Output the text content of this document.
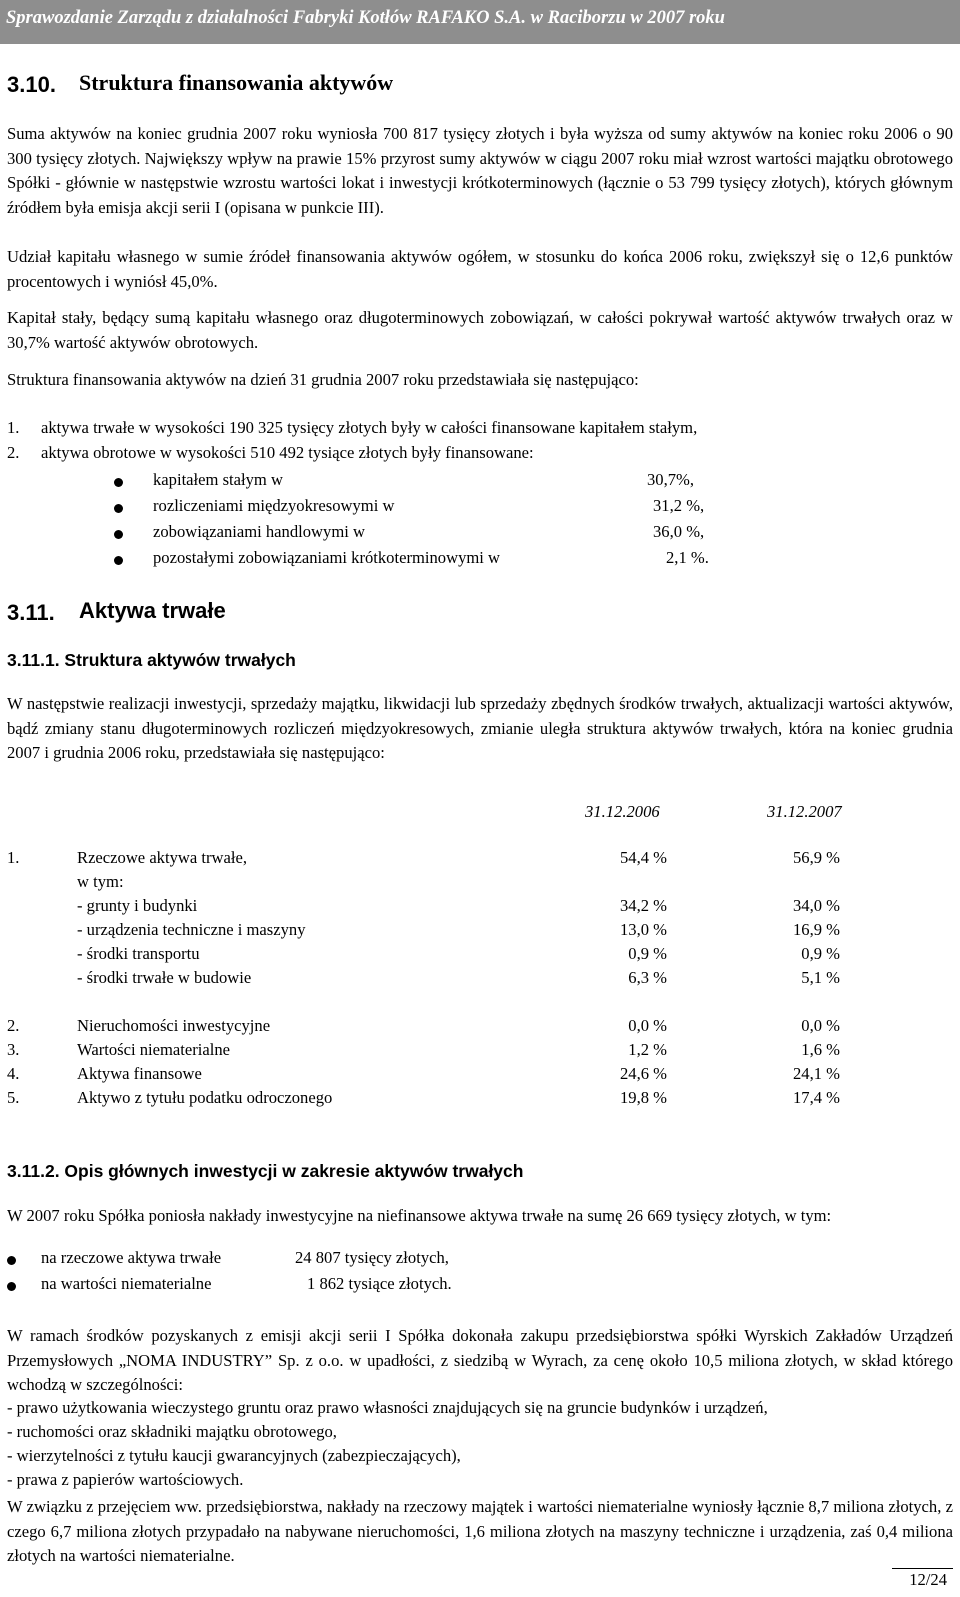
Sprawozdanie Zarządu z działalności Fabryki Kotłów RAFAKO S.A. w Raciborzu w 2007 roku
3.10. Struktura finansowania aktywów

Suma aktywów na koniec grudnia 2007 roku wyniosła 700 817 tysięcy złotych i była wyższa od sumy aktywów na koniec roku 2006 o 90 300 tysięcy złotych. Największy wpływ na prawie 15% przyrost sumy aktywów w ciągu 2007 roku miał wzrost wartości majątku obrotowego Spółki - głównie w następstwie wzrostu wartości lokat i inwestycji krótkoterminowych (łącznie o 53 799 tysięcy złotych), których głównym źródłem była emisja akcji serii I (opisana w punkcie III).

Udział kapitału własnego w sumie źródeł finansowania aktywów ogółem, w stosunku do końca 2006 roku, zwiększył się o 12,6 punktów procentowych i wyniósł 45,0%.

Kapitał stały, będący sumą kapitału własnego oraz długoterminowych zobowiązań, w całości pokrywał wartość aktywów trwałych oraz w 30,7% wartość aktywów obrotowych.

Struktura finansowania aktywów na dzień 31 grudnia 2007 roku przedstawiała się następująco:

1. aktywa trwałe w wysokości 190 325 tysięcy złotych były w całości finansowane kapitałem stałym,
2. aktywa obrotowe w wysokości 510 492 tysiące złotych były finansowane:
kapitałem stałym w	30,7%,
rozliczeniami międzyokresowymi w	31,2 %,
zobowiązaniami handlowymi w	36,0 %,
pozostałymi zobowiązaniami krótkoterminowymi w	2,1 %.
3.11. Aktywa trwałe
3.11.1. Struktura aktywów trwałych

W następstwie realizacji inwestycji, sprzedaży majątku, likwidacji lub sprzedaży zbędnych środków trwałych, aktualizacji wartości aktywów, bądź zmiany stanu długoterminowych rozliczeń międzyokresowych, zmianie uległa struktura aktywów trwałych, która na koniec grudnia 2007 i grudnia 2006 roku, przedstawiała się następująco:

31.12.2006	31.12.2007
1.	Rzeczowe aktywa trwałe,	54,4 %	56,9 %
w tym:
- grunty i budynki	34,2 %	34,0 %
- urządzenia techniczne i maszyny	13,0 %	16,9 %
- środki transportu	0,9 %	0,9 %
- środki trwałe w budowie	6,3 %	5,1 %
2.	Nieruchomości inwestycyjne	0,0 %	0,0 %
3.	Wartości niematerialne	1,2 %	1,6 %
4.	Aktywa finansowe	24,6 %	24,1 %
5.	Aktywo z tytułu podatku odroczonego	19,8 %	17,4 %
3.11.2. Opis głównych inwestycji w zakresie aktywów trwałych

W 2007 roku Spółka poniosła nakłady inwestycyjne na niefinansowe aktywa trwałe na sumę 26 669 tysięcy złotych, w tym:

na rzeczowe aktywa trwałe	24 807 tysięcy złotych,
na wartości niematerialne	1 862 tysiące złotych.

W ramach środków pozyskanych z emisji akcji serii I Spółka dokonała zakupu przedsiębiorstwa spółki Wyrskich Zakładów Urządzeń Przemysłowych „NOMA INDUSTRY” Sp. z o.o. w upadłości, z siedzibą w Wyrach, za cenę około 10,5 miliona złotych, w skład którego wchodzą w szczególności:

- prawo użytkowania wieczystego gruntu oraz prawo własności znajdujących się na gruncie budynków i urządzeń,
- ruchomości oraz składniki majątku obrotowego,
- wierzytelności z tytułu kaucji gwarancyjnych (zabezpieczających),
- prawa z papierów wartościowych.

W związku z przejęciem ww. przedsiębiorstwa, nakłady na rzeczowy majątek i wartości niematerialne wyniosły łącznie 8,7 miliona złotych, z czego 6,7 miliona złotych przypadało na nabywane nieruchomości, 1,6 miliona złotych na maszyny techniczne i urządzenia, zaś 0,4 miliona złotych na wartości niematerialne.

12/24
